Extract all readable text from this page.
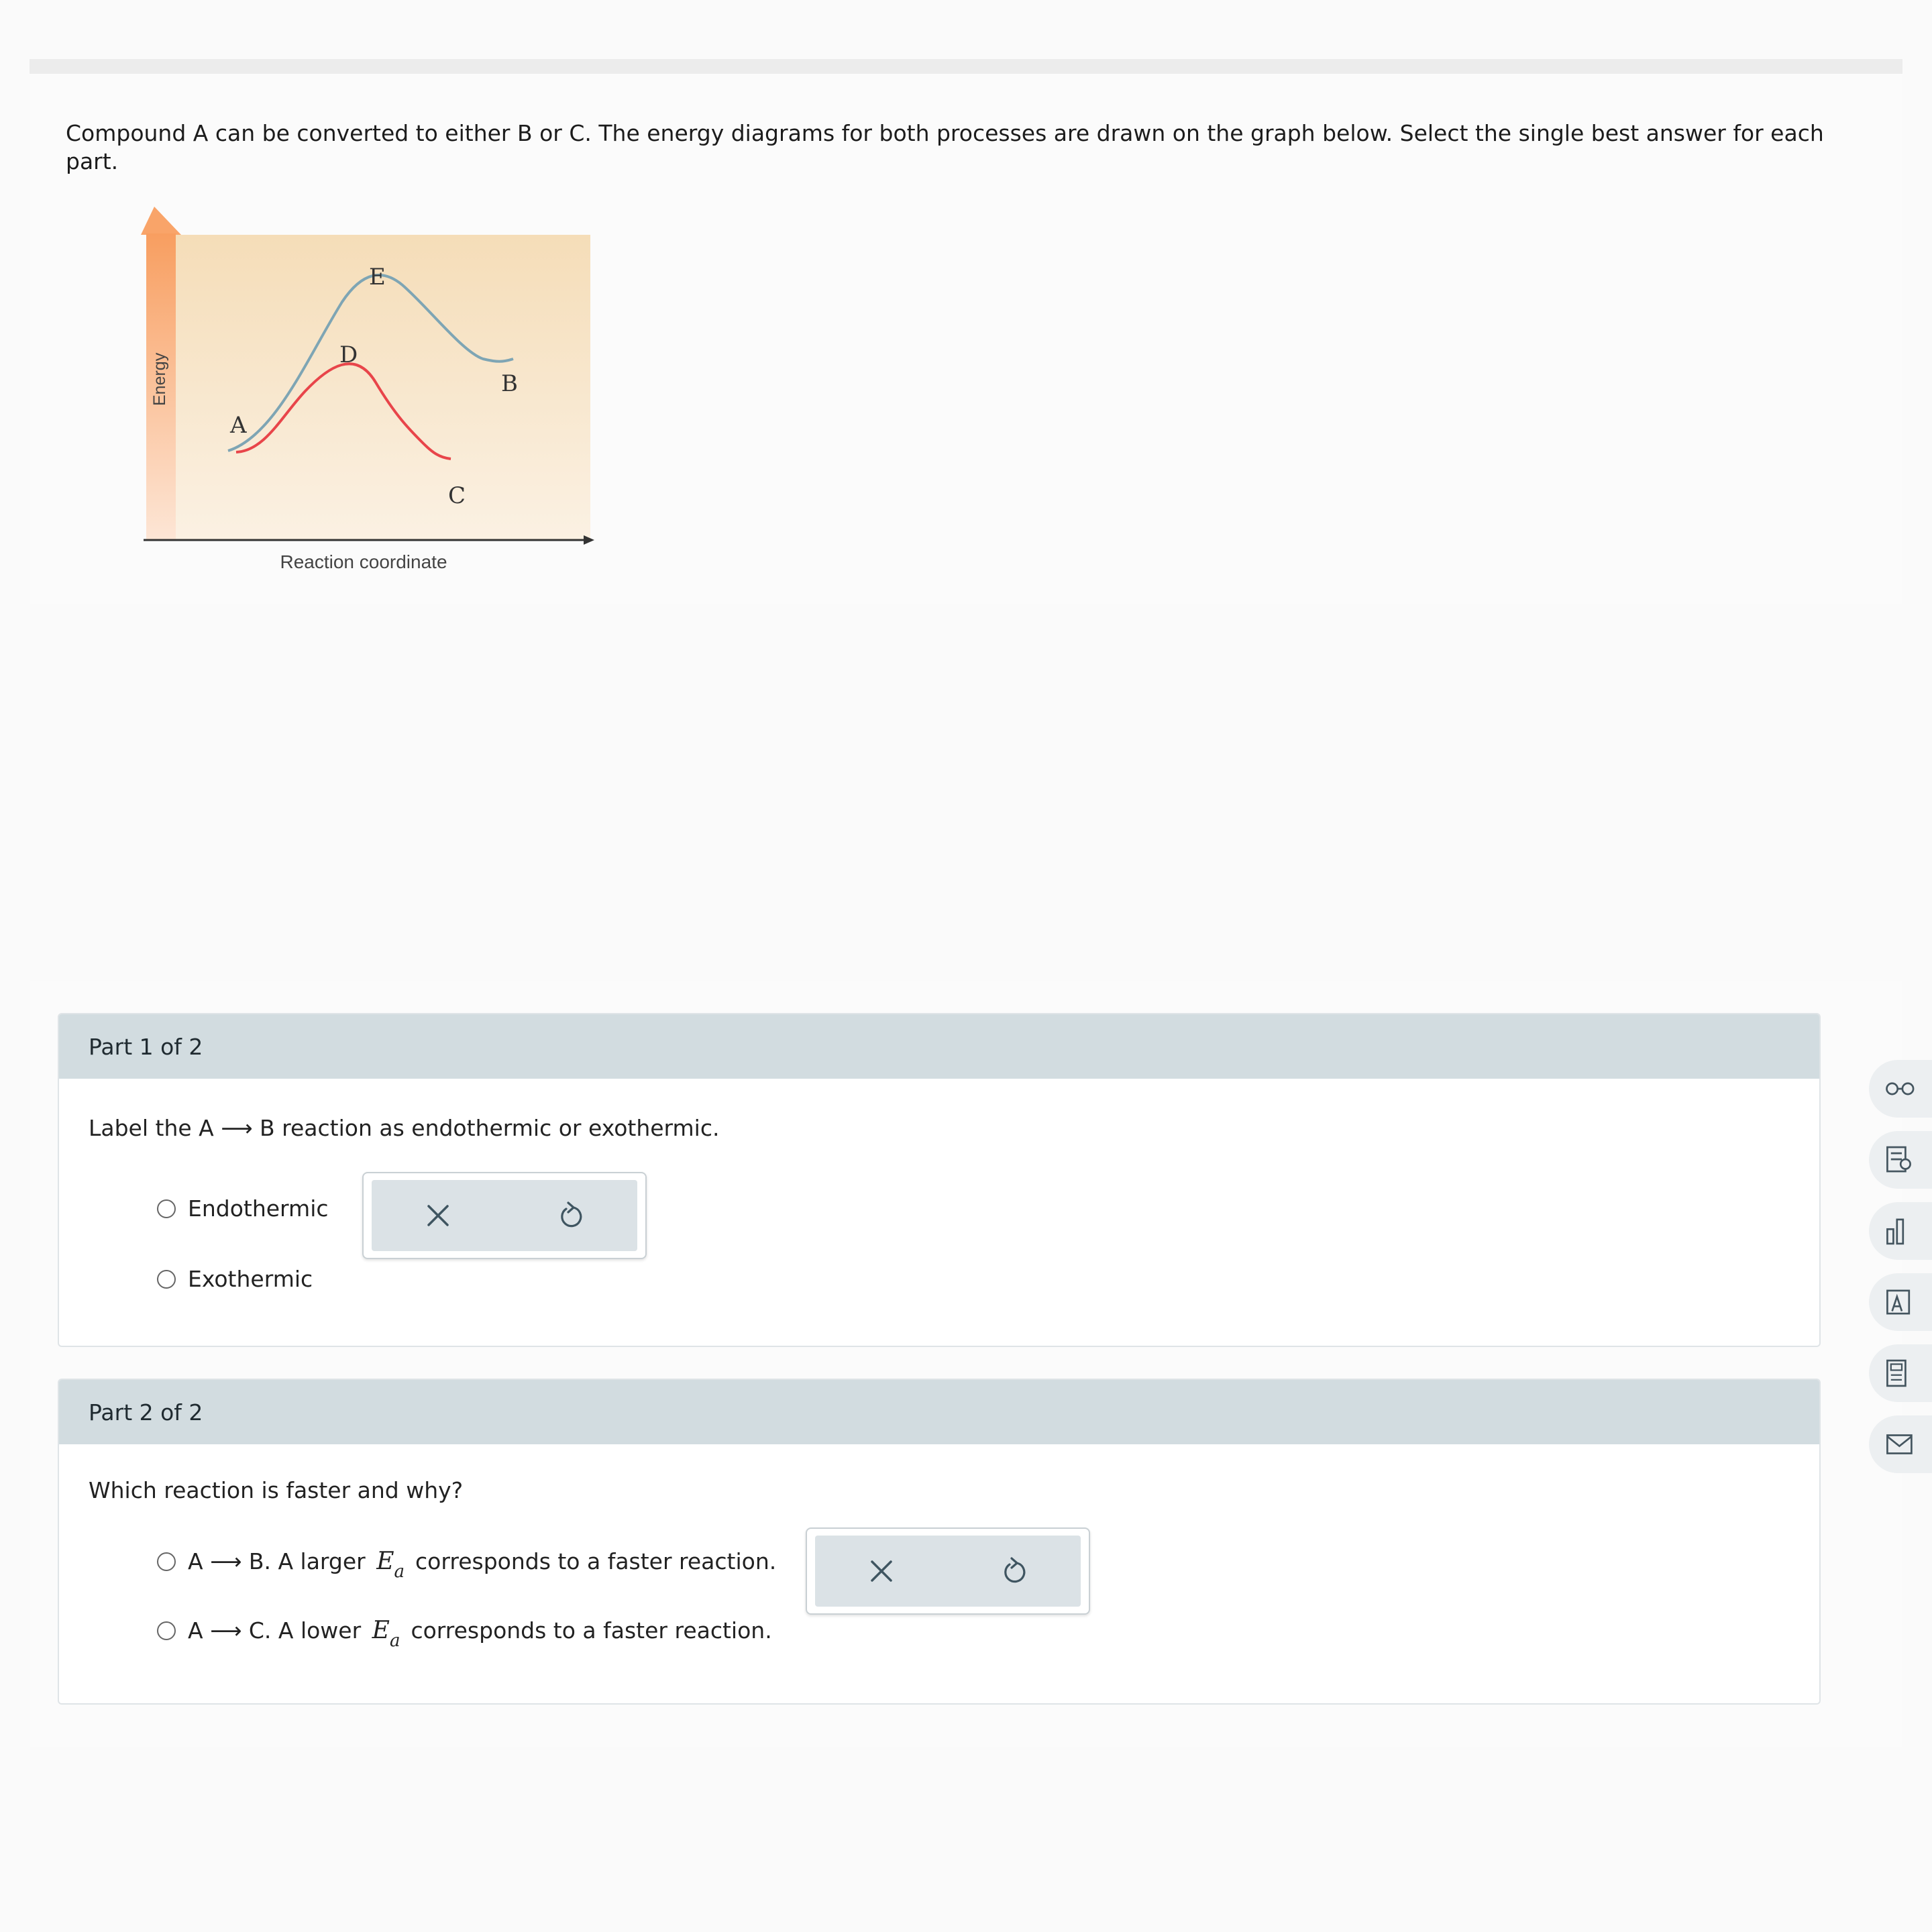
Compound A can be converted to either B or C. The energy diagrams for both processes are drawn on the graph below. Select the single best answer for each part.

Energy
Reaction coordinate
A
B
C
D
E
Part 1 of 2
Label the A ⟶ B reaction as endothermic or exothermic.
Endothermic
Exothermic
Part 2 of 2
Which reaction is faster and why?
A ⟶ B. A larger $E_a$ corresponds to a faster reaction.
A ⟶ C. A lower $E_a$ corresponds to a faster reaction.
